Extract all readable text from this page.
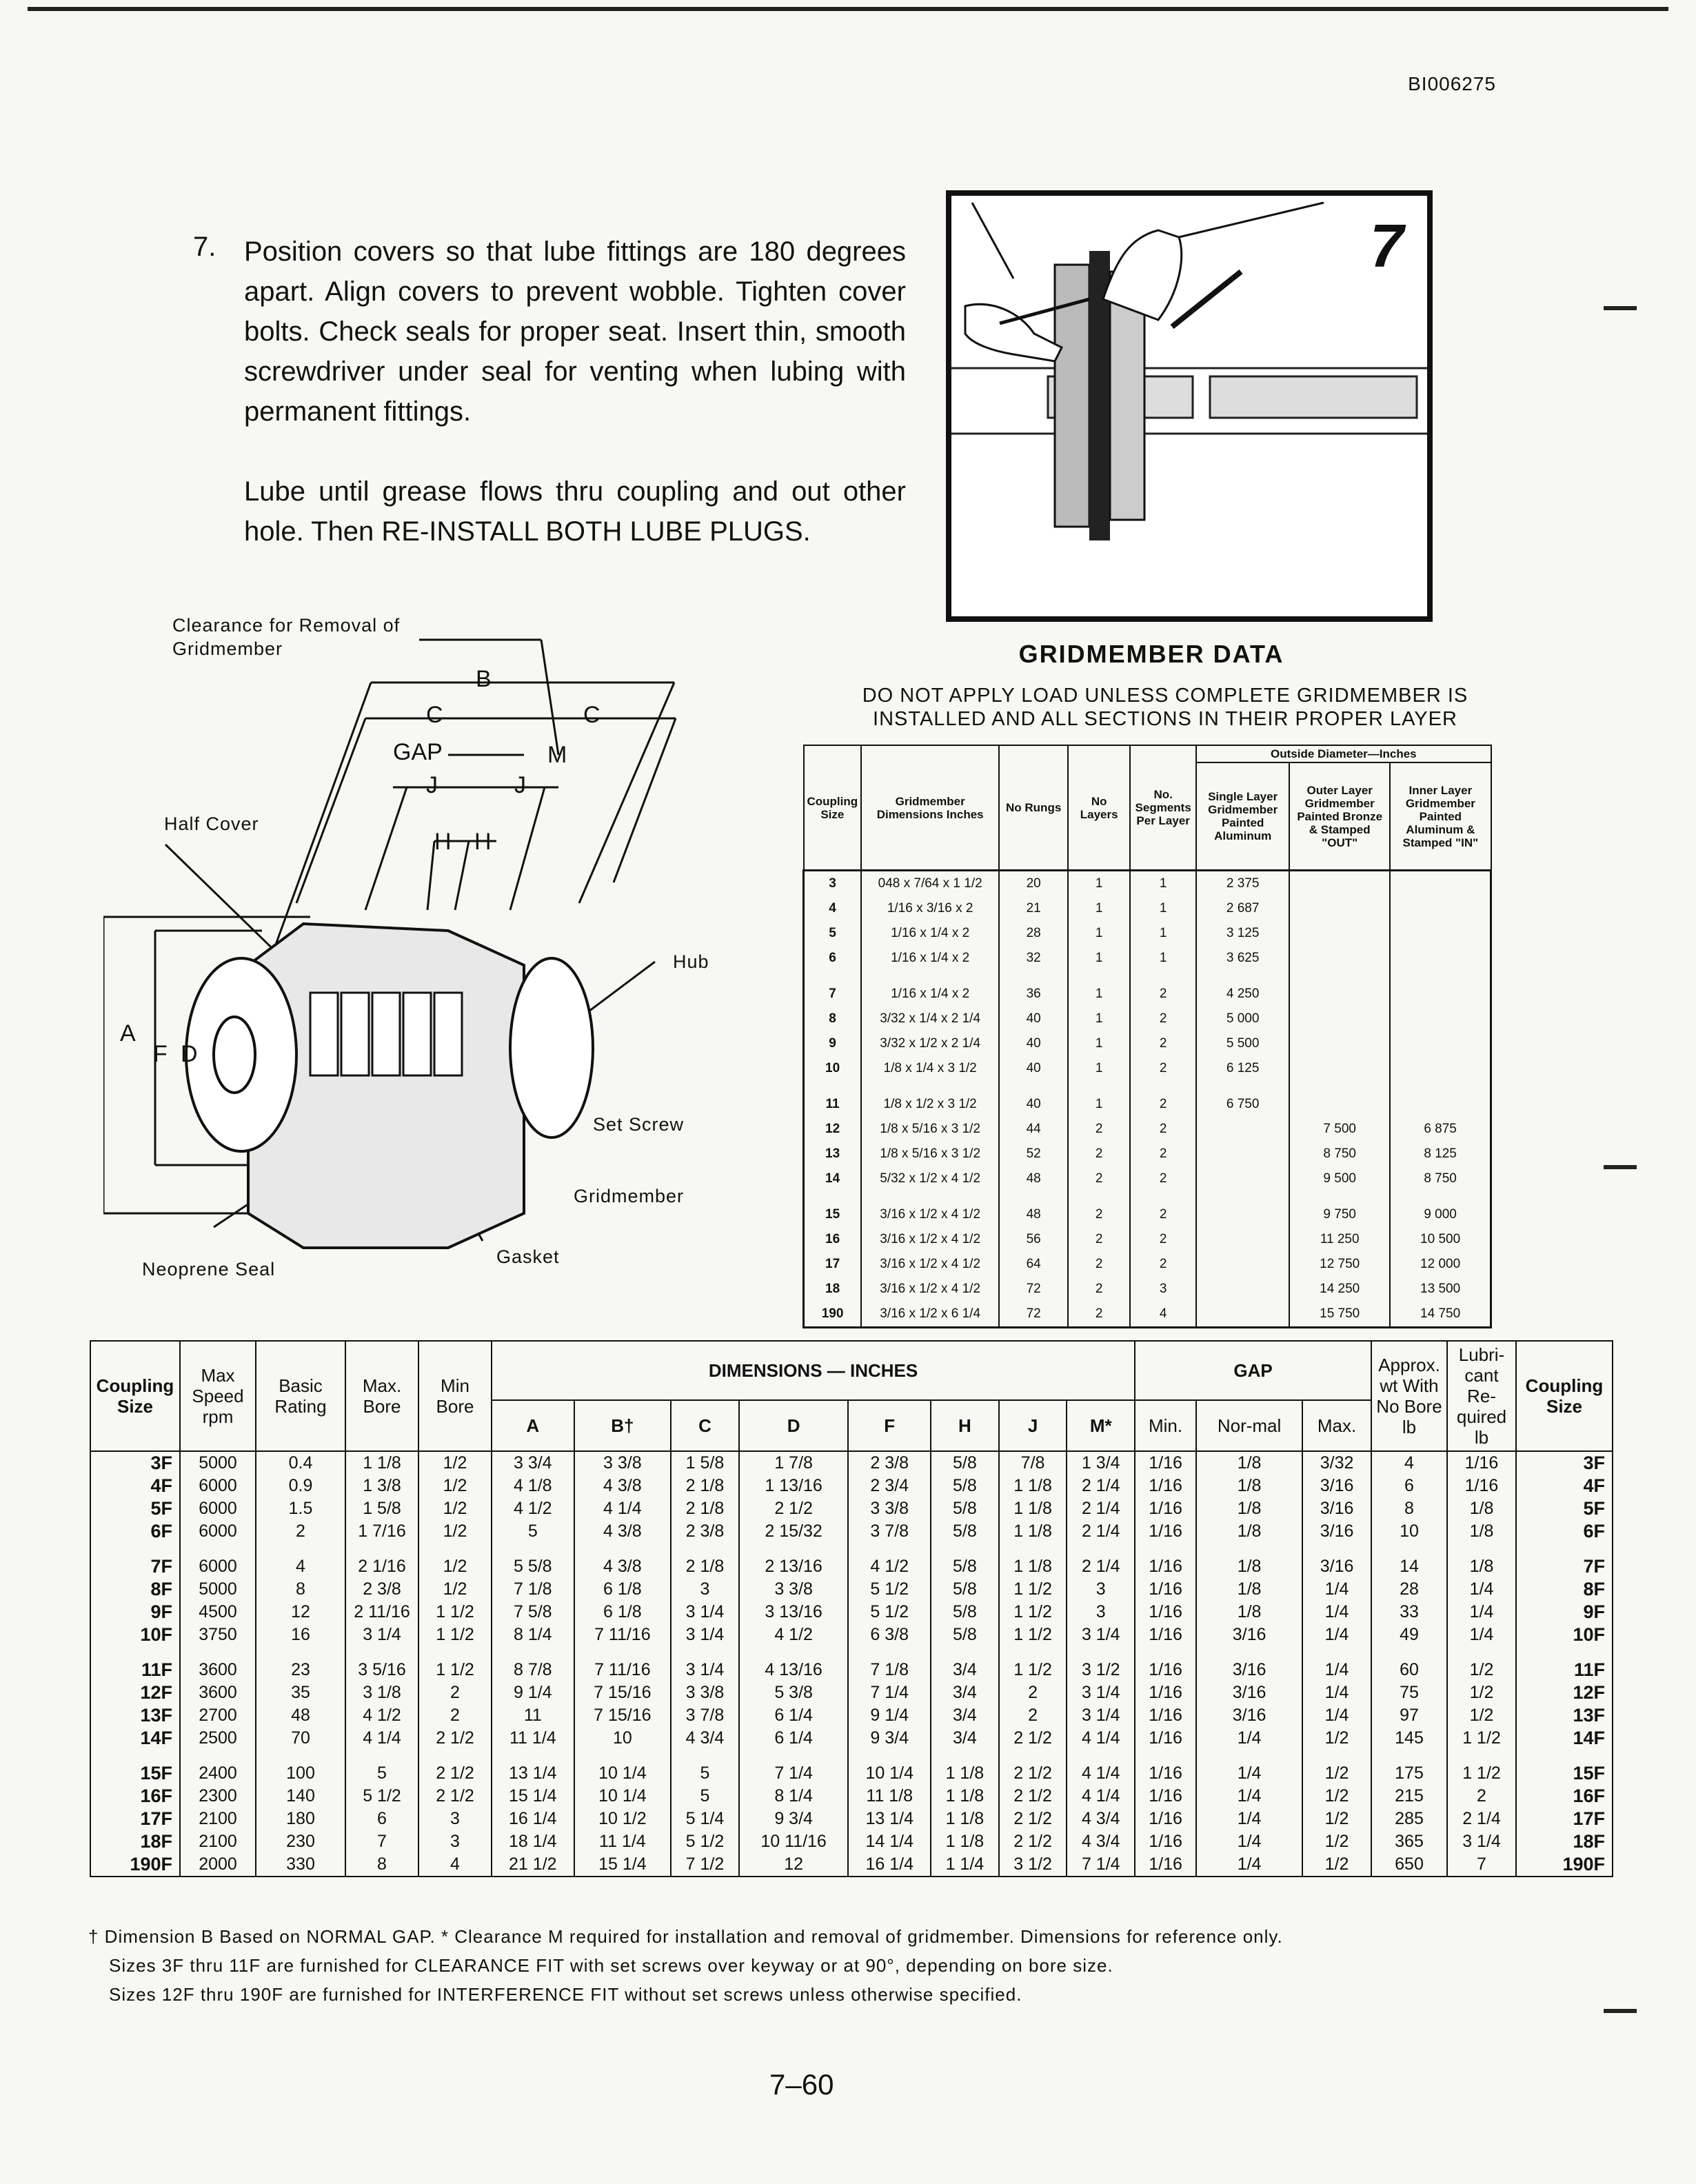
BI006275
7. Position covers so that lube fittings are 180 degrees apart. Align covers to prevent wobble. Tighten cover bolts. Check seals for proper seat. Insert thin, smooth screwdriver under seal for venting when lubing with permanent fittings.

Lube until grease flows thru coupling and out other hole. Then RE-INSTALL BOTH LUBE PLUGS.

7
Clearance for Removal of Gridmember
Half Cover
Hub
Set Screw
Gridmember
Gasket
Neoprene Seal
B
C	C
GAP	M
J	J
H H
A
F D
GRIDMEMBER DATA
DO NOT APPLY LOAD UNLESS COMPLETE GRIDMEMBER IS INSTALLED AND ALL SECTIONS IN THEIR PROPER LAYER
Coupling Size	Gridmember Dimensions Inches	No Rungs	No Layers	No. Segments Per Layer	Outside Diameter—Inches		
					Single Layer Gridmember Painted Aluminum	Outer Layer Gridmember Painted Bronze & Stamped "OUT"	Inner Layer Gridmember Painted Aluminum & Stamped "IN"
3	048 x 7/64 x 1 1/2	20	1	1	2 375		
4	1/16 x 3/16 x 2	21	1	1	2 687		
5	1/16 x 1/4 x 2	28	1	1	3 125		
6	1/16 x 1/4 x 2	32	1	1	3 625		

7	1/16 x 1/4 x 2	36	1	2	4 250		
8	3/32 x 1/4 x 2 1/4	40	1	2	5 000		
9	3/32 x 1/2 x 2 1/4	40	1	2	5 500		
10	1/8 x 1/4 x 3 1/2	40	1	2	6 125		

11	1/8 x 1/2 x 3 1/2	40	1	2	6 750		
12	1/8 x 5/16 x 3 1/2	44	2	2		7 500	6 875
13	1/8 x 5/16 x 3 1/2	52	2	2		8 750	8 125
14	5/32 x 1/2 x 4 1/2	48	2	2		9 500	8 750

15	3/16 x 1/2 x 4 1/2	48	2	2		9 750	9 000
16	3/16 x 1/2 x 4 1/2	56	2	2		11 250	10 500
17	3/16 x 1/2 x 4 1/2	64	2	2		12 750	12 000
18	3/16 x 1/2 x 4 1/2	72	2	3		14 250	13 500
190	3/16 x 1/2 x 6 1/4	72	2	4		15 750	14 750
Coupling Size	Max Speed rpm	Basic Rating	Max. Bore	Min Bore	DIMENSIONS — INCHES								GAP			Approx. wt With No Bore lb	Lubri-cant Re-quired lb	Coupling Size
					A	B†	C	D	F	H	J	M*	Min.	Nor-mal	Max.			
3F	5000	0.4	1 1/8	1/2	3 3/4	3 3/8	1 5/8	1 7/8	2 3/8	5/8	7/8	1 3/4	1/16	1/8	3/32	4	1/16	3F
4F	6000	0.9	1 3/8	1/2	4 1/8	4 3/8	2 1/8	1 13/16	2 3/4	5/8	1 1/8	2 1/4	1/16	1/8	3/16	6	1/16	4F
5F	6000	1.5	1 5/8	1/2	4 1/2	4 1/4	2 1/8	2 1/2	3 3/8	5/8	1 1/8	2 1/4	1/16	1/8	3/16	8	1/8	5F
6F	6000	2	1 7/16	1/2	5	4 3/8	2 3/8	2 15/32	3 7/8	5/8	1 1/8	2 1/4	1/16	1/8	3/16	10	1/8	6F

7F	6000	4	2 1/16	1/2	5 5/8	4 3/8	2 1/8	2 13/16	4 1/2	5/8	1 1/8	2 1/4	1/16	1/8	3/16	14	1/8	7F
8F	5000	8	2 3/8	1/2	7 1/8	6 1/8	3	3 3/8	5 1/2	5/8	1 1/2	3	1/16	1/8	1/4	28	1/4	8F
9F	4500	12	2 11/16	1 1/2	7 5/8	6 1/8	3 1/4	3 13/16	5 1/2	5/8	1 1/2	3	1/16	1/8	1/4	33	1/4	9F
10F	3750	16	3 1/4	1 1/2	8 1/4	7 11/16	3 1/4	4 1/2	6 3/8	5/8	1 1/2	3 1/4	1/16	3/16	1/4	49	1/4	10F

11F	3600	23	3 5/16	1 1/2	8 7/8	7 11/16	3 1/4	4 13/16	7 1/8	3/4	1 1/2	3 1/2	1/16	3/16	1/4	60	1/2	11F
12F	3600	35	3 1/8	2	9 1/4	7 15/16	3 3/8	5 3/8	7 1/4	3/4	2	3 1/4	1/16	3/16	1/4	75	1/2	12F
13F	2700	48	4 1/2	2	11	7 15/16	3 7/8	6 1/4	9 1/4	3/4	2	3 1/4	1/16	3/16	1/4	97	1/2	13F
14F	2500	70	4 1/4	2 1/2	11 1/4	10	4 3/4	6 1/4	9 3/4	3/4	2 1/2	4 1/4	1/16	1/4	1/2	145	1 1/2	14F

15F	2400	100	5	2 1/2	13 1/4	10 1/4	5	7 1/4	10 1/4	1 1/8	2 1/2	4 1/4	1/16	1/4	1/2	175	1 1/2	15F
16F	2300	140	5 1/2	2 1/2	15 1/4	10 1/4	5	8 1/4	11 1/8	1 1/8	2 1/2	4 1/4	1/16	1/4	1/2	215	2	16F
17F	2100	180	6	3	16 1/4	10 1/2	5 1/4	9 3/4	13 1/4	1 1/8	2 1/2	4 3/4	1/16	1/4	1/2	285	2 1/4	17F
18F	2100	230	7	3	18 1/4	11 1/4	5 1/2	10 11/16	14 1/4	1 1/8	2 1/2	4 3/4	1/16	1/4	1/2	365	3 1/4	18F
190F	2000	330	8	4	21 1/2	15 1/4	7 1/2	12	16 1/4	1 1/4	3 1/2	7 1/4	1/16	1/4	1/2	650	7	190F
† Dimension B Based on NORMAL GAP. * Clearance M required for installation and removal of gridmember. Dimensions for reference only.
Sizes 3F thru 11F are furnished for CLEARANCE FIT with set screws over keyway or at 90°, depending on bore size.
Sizes 12F thru 190F are furnished for INTERFERENCE FIT without set screws unless otherwise specified.
7–60
